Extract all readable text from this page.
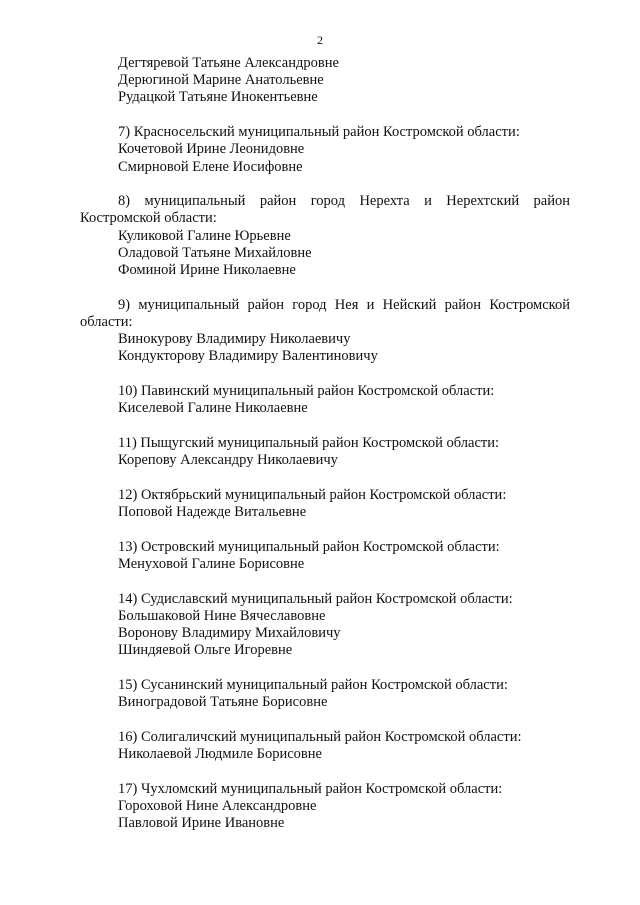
2
Дегтяревой Татьяне Александровне
Дерюгиной Марине Анатольевне
Рудацкой Татьяне Инокентьевне
7) Красносельский муниципальный район Костромской области:
Кочетовой Ирине Леонидовне
Смирновой Елене Иосифовне
8) муниципальный район город Нерехта и Нерехтский район Костромской области:
Куликовой Галине Юрьевне
Оладовой Татьяне Михайловне
Фоминой Ирине Николаевне
9) муниципальный район город Нея и Нейский район Костромской области:
Винокурову Владимиру Николаевичу
Кондукторову Владимиру Валентиновичу
10) Павинский муниципальный район Костромской области:
Киселевой Галине Николаевне
11) Пыщугский муниципальный район Костромской области:
Корепову Александру Николаевичу
12) Октябрьский муниципальный район Костромской области:
Поповой Надежде Витальевне
13) Островский муниципальный район Костромской области:
Менуховой Галине Борисовне
14) Судиславский муниципальный район Костромской области:
Большаковой Нине Вячеславовне
Воронову Владимиру Михайловичу
Шиндяевой Ольге Игоревне
15) Сусанинский муниципальный район Костромской области:
Виноградовой Татьяне Борисовне
16) Солигаличский муниципальный район Костромской области:
Николаевой Людмиле Борисовне
17) Чухломский муниципальный район Костромской области:
Гороховой Нине Александровне
Павловой Ирине Ивановне
